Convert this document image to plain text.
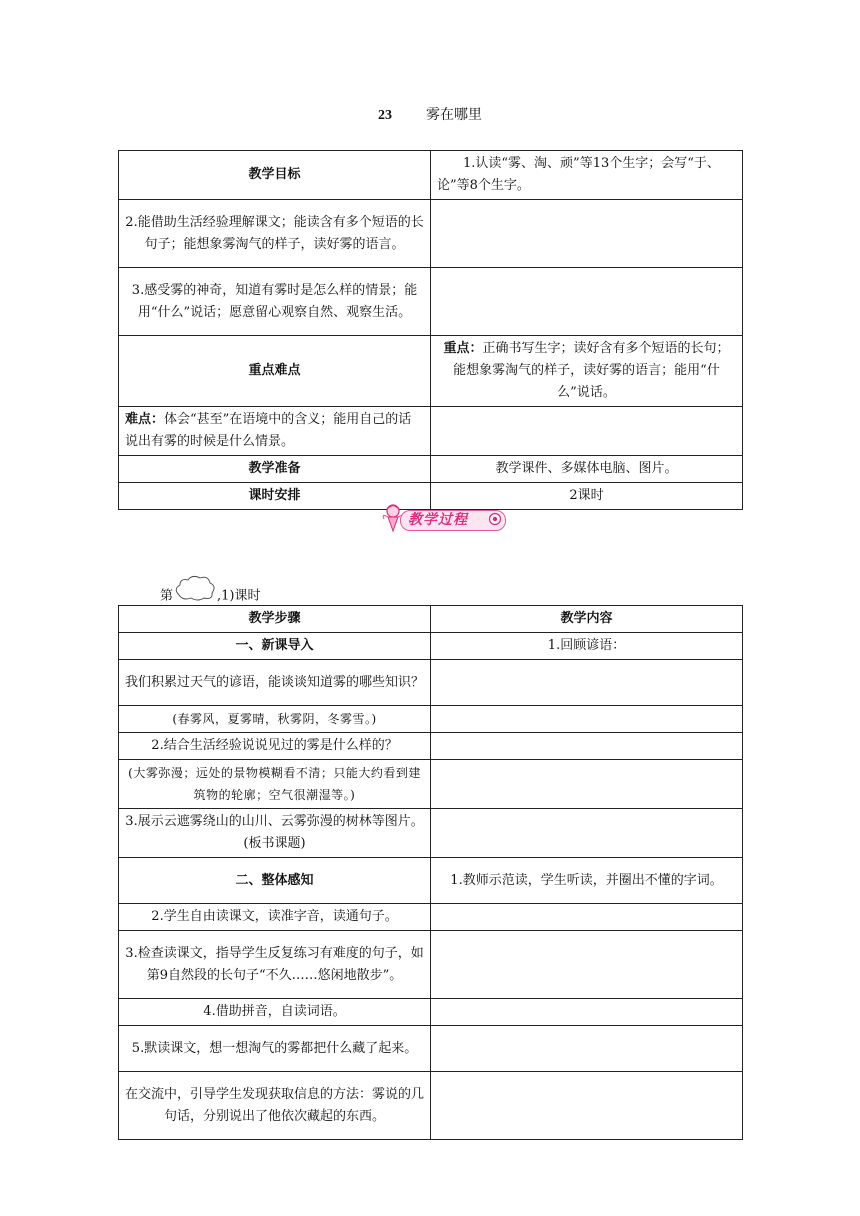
23 雾在哪里
教学目标	1.认读“雾、淘、顽”等13个生字；会写“于、论”等8个生字。
2.能借助生活经验理解课文；能读含有多个短语的长句子；能想象雾淘气的样子，读好雾的语言。	
3.感受雾的神奇，知道有雾时是怎么样的情景；能用“什么”说话；愿意留心观察自然、观察生活。	
重点难点	重点：正确书写生字；读好含有多个短语的长句；能想象雾淘气的样子，读好雾的语言；能用“什么”说话。
难点：体会“甚至”在语境中的含义；能用自己的话说出有雾的时候是什么情景。	
教学准备	教学课件、多媒体电脑、图片。
课时安排	2课时
教学过程
第	,1)课时
教学步骤	教学内容
一、新课导入	1.回顾谚语：
我们积累过天气的谚语，能谈谈知道雾的哪些知识？	
(春雾风，夏雾晴，秋雾阴，冬雾雪。)	
2.结合生活经验说说见过的雾是什么样的？	
(大雾弥漫；远处的景物模糊看不清；只能大约看到建筑物的轮廓；空气很潮湿等。)	
3.展示云遮雾绕山的山川、云雾弥漫的树林等图片。(板书课题)	
二、整体感知	1.教师示范读，学生听读，并圈出不懂的字词。
2.学生自由读课文，读准字音，读通句子。	
3.检查读课文，指导学生反复练习有难度的句子，如第9自然段的长句子“不久……悠闲地散步”。	
4.借助拼音，自读词语。	
5.默读课文，想一想淘气的雾都把什么藏了起来。	
在交流中，引导学生发现获取信息的方法：雾说的几句话，分别说出了他依次藏起的东西。	
